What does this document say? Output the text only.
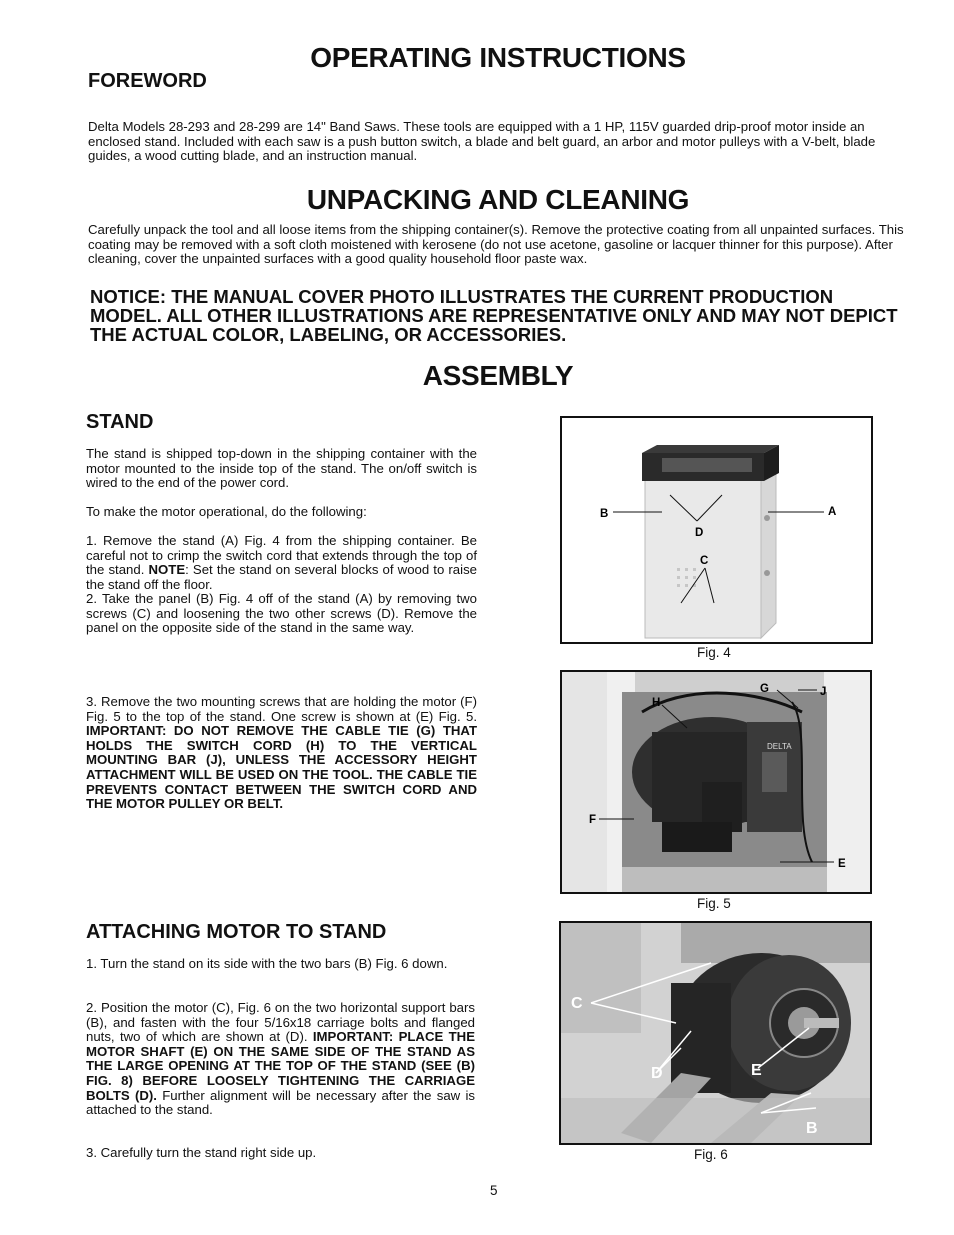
OPERATING INSTRUCTIONS
FOREWORD
Delta Models 28-293 and 28-299 are 14" Band Saws. These tools are equipped with a 1 HP, 115V guarded drip-proof motor inside an enclosed stand. Included with each saw is a push button switch, a blade and belt guard, an arbor and motor pulleys with a V-belt, blade guides, a wood cutting blade, and an instruction manual.
UNPACKING AND CLEANING
Carefully unpack the tool and all loose items from the shipping container(s). Remove the protective coating from all unpainted surfaces. This coating may be removed with a soft cloth moistened with kerosene (do not use acetone, gasoline or lacquer thinner for this purpose). After cleaning, cover the unpainted surfaces with a good quality household floor paste wax.
NOTICE: THE MANUAL COVER PHOTO ILLUSTRATES THE CURRENT PRODUCTION MODEL. ALL OTHER ILLUSTRATIONS ARE REPRESENTATIVE ONLY AND MAY NOT DEPICT THE ACTUAL COLOR, LABELING, OR ACCESSORIES.
ASSEMBLY
STAND
The stand is shipped top-down in the shipping container with the motor mounted to the inside top of the stand. The on/off switch is wired to the end of the power cord.
To make the motor operational, do the following:
1. Remove the stand (A) Fig. 4 from the shipping container. Be careful not to crimp the switch cord that extends through the top of the stand. NOTE: Set the stand on several blocks of wood to raise the stand off the floor.
2. Take the panel (B) Fig. 4 off of the stand (A) by removing two screws (C) and loosening the two other screws (D). Remove the panel on the opposite side of the stand in the same way.
3. Remove the two mounting screws that are holding the motor (F) Fig. 5 to the top of the stand. One screw is shown at (E) Fig. 5. IMPORTANT: DO NOT REMOVE THE CABLE TIE (G) THAT HOLDS THE SWITCH CORD (H) TO THE VERTICAL MOUNTING BAR (J), UNLESS THE ACCESSORY HEIGHT ATTACHMENT WILL BE USED ON THE TOOL. THE CABLE TIE PREVENTS CONTACT BETWEEN THE SWITCH CORD AND THE MOTOR PULLEY OR BELT.
ATTACHING MOTOR TO STAND
1. Turn the stand on its side with the two bars (B) Fig. 6 down.
2. Position the motor (C), Fig. 6 on the two horizontal support bars (B), and fasten with the four 5/16x18 carriage bolts and flanged nuts, two of which are shown at (D). IMPORTANT: PLACE THE MOTOR SHAFT (E) ON THE SAME SIDE OF THE STAND AS THE LARGE OPENING AT THE TOP OF THE STAND (SEE (B) FIG. 8) BEFORE LOOSELY TIGHTENING THE CARRIAGE BOLTS (D). Further alignment will be necessary after the saw is attached to the stand.
3. Carefully turn the stand right side up.
B	A
D
C
Fig. 4
DELTA
H
G	J
F
E
Fig. 5
C
D	E
B
Fig. 6
5
